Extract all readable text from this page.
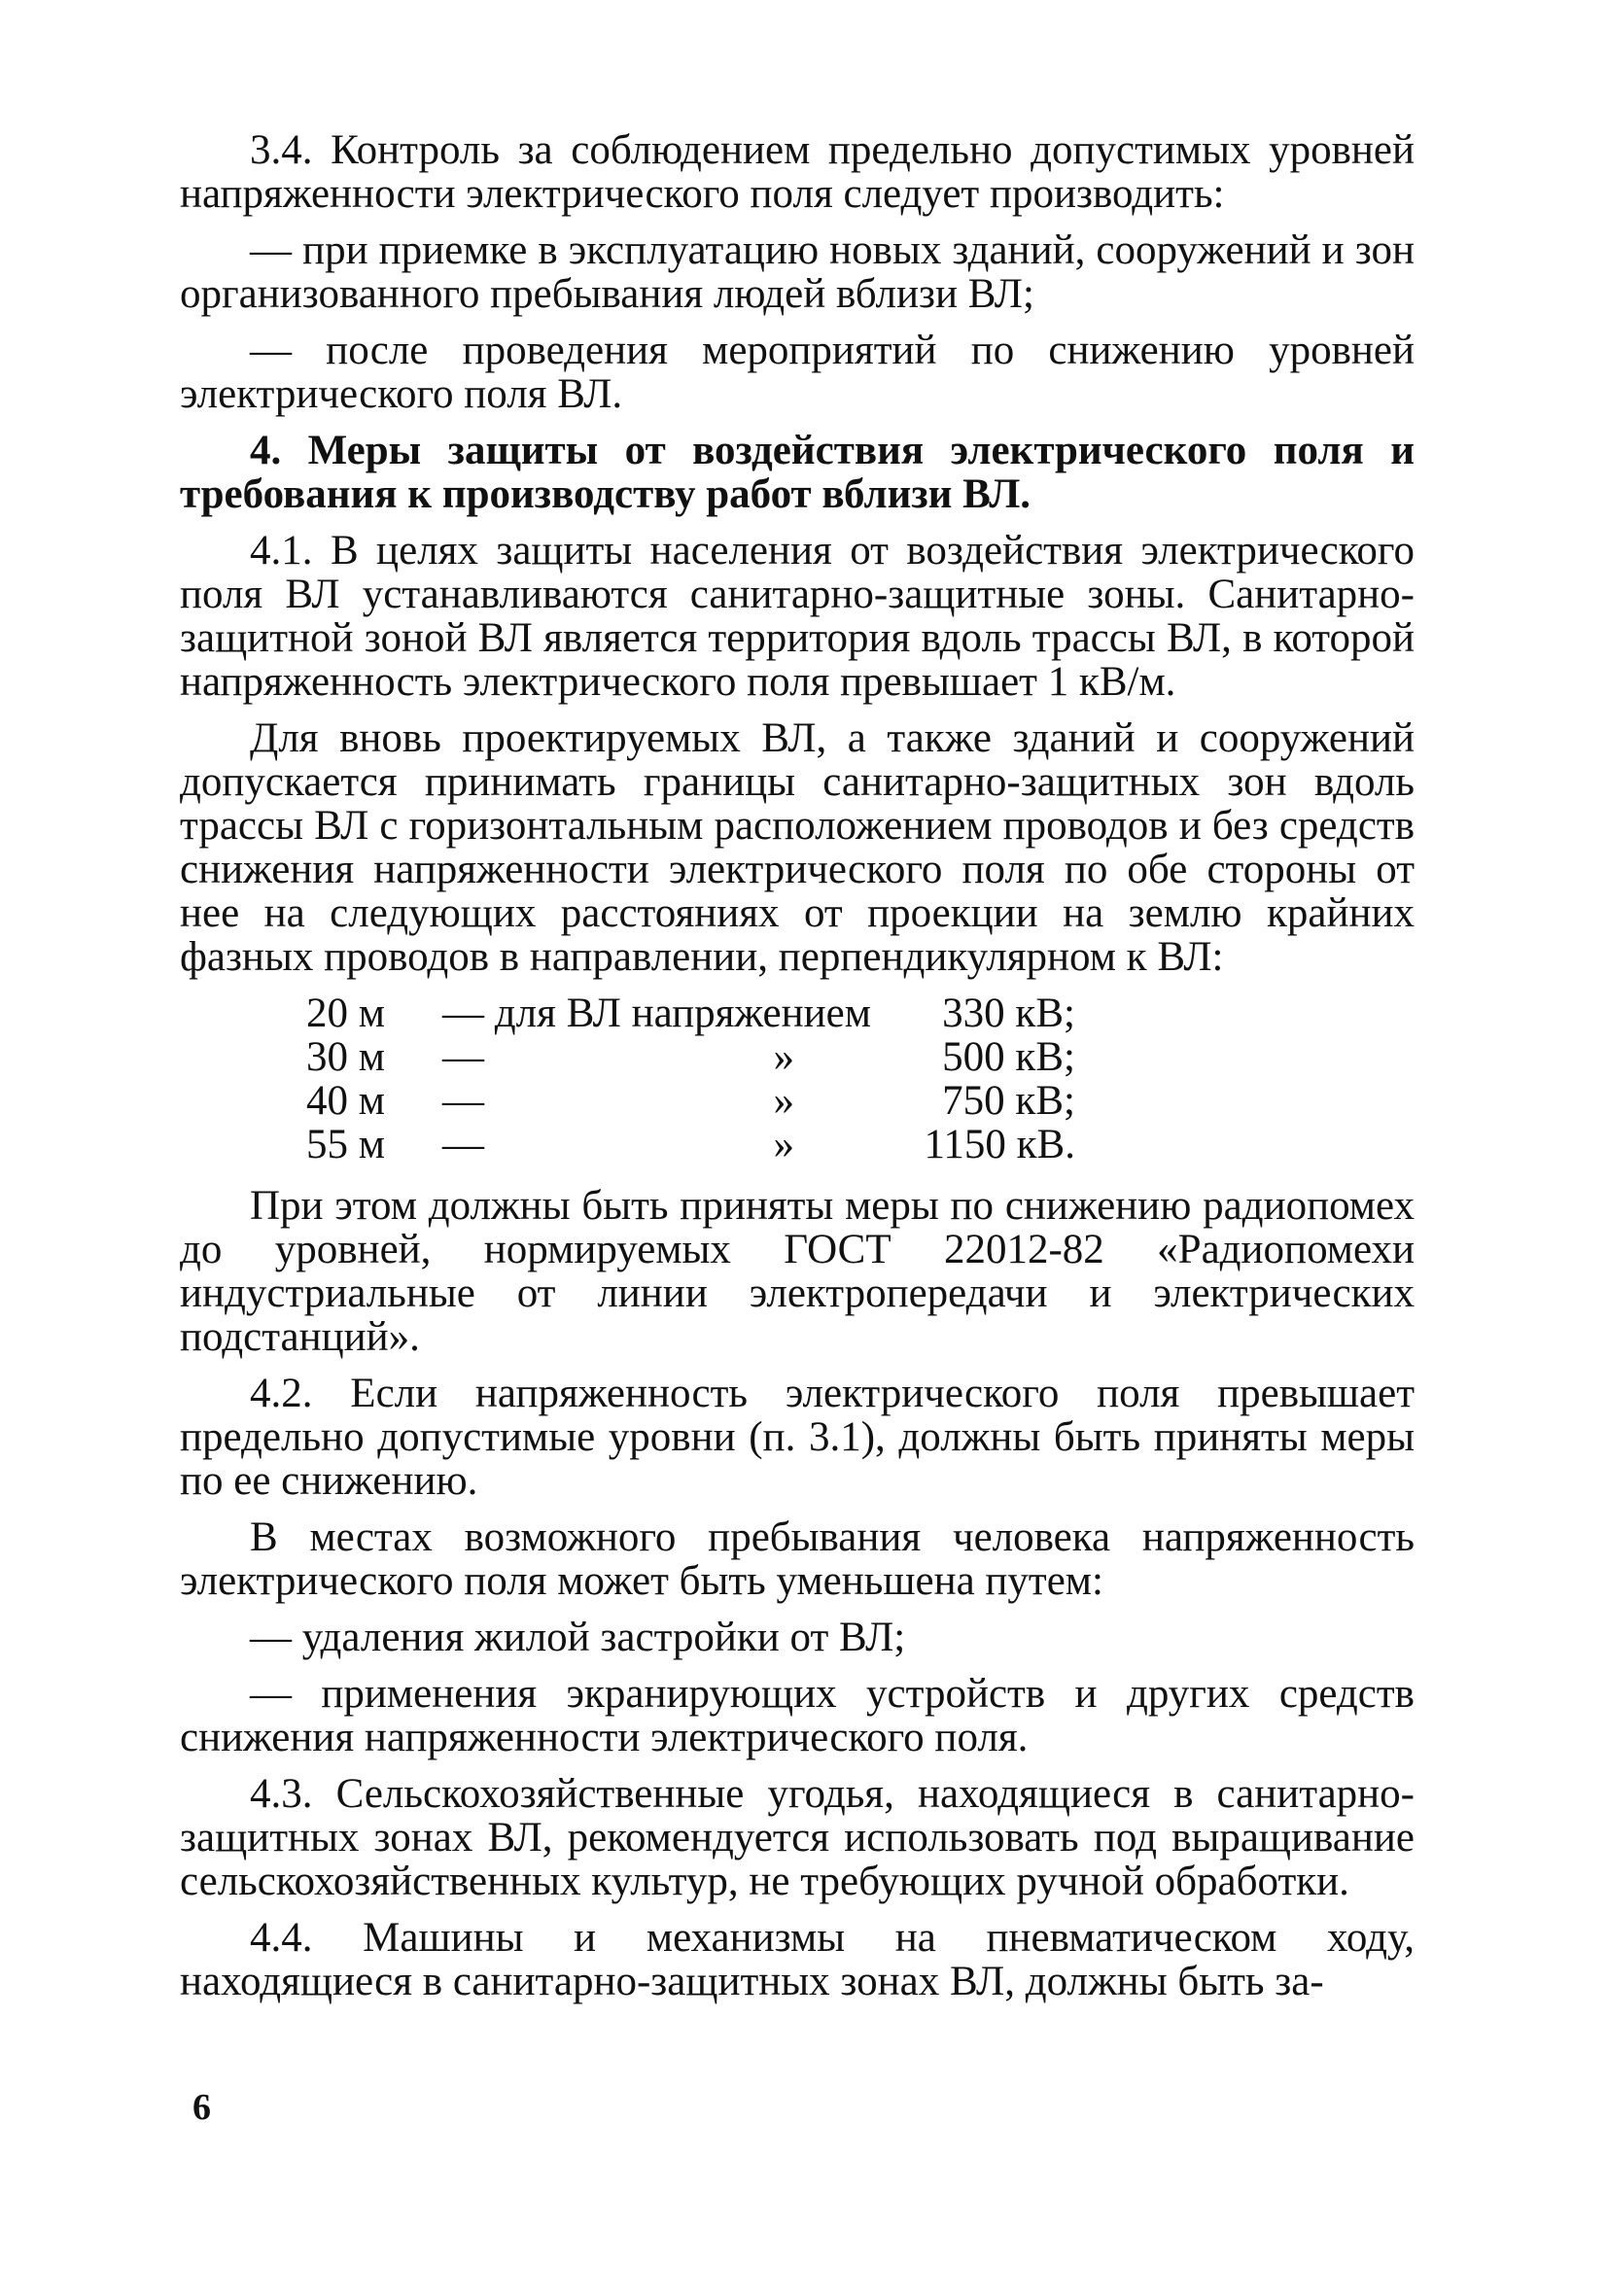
3.4. Контроль за соблюдением предельно допустимых уровней напряженности электрического поля следует производить:

— при приемке в эксплуатацию новых зданий, сооружений и зон организованного пребывания людей вблизи ВЛ;

— после проведения мероприятий по снижению уровней электрического поля ВЛ.

4. Меры защиты от воздействия электрического поля и требования к производству работ вблизи ВЛ.

4.1. В целях защиты населения от воздействия электрического поля ВЛ устанавливаются санитарно-защитные зоны. Санитарно-защитной зоной ВЛ является территория вдоль трассы ВЛ, в которой напряженность электрического поля превышает 1 кВ/м.

Для вновь проектируемых ВЛ, а также зданий и сооружений допускается принимать границы санитарно-защитных зон вдоль трассы ВЛ с горизонтальным расположением проводов и без средств снижения напряженности электрического поля по обе стороны от нее на следующих расстояниях от проекции на землю крайних фазных проводов в направлении, перпендикулярном к ВЛ:

20 м	— для ВЛ напряжением		330 кВ;
30 м	—	»	500 кВ;
40 м	—	»	750 кВ;
55 м	—	»	1150 кВ.

При этом должны быть приняты меры по снижению радиопомех до уровней, нормируемых ГОСТ 22012-82 «Радиопомехи индустриальные от линии электропередачи и электрических подстанций».

4.2. Если напряженность электрического поля превышает предельно допустимые уровни (п. 3.1), должны быть приняты меры по ее снижению.

В местах возможного пребывания человека напряженность электрического поля может быть уменьшена путем:

— удаления жилой застройки от ВЛ;

— применения экранирующих устройств и других средств снижения напряженности электрического поля.

4.3. Сельскохозяйственные угодья, находящиеся в санитарно-защитных зонах ВЛ, рекомендуется использовать под выращивание сельскохозяйственных культур, не требующих ручной обработки.

4.4. Машины и механизмы на пневматическом ходу, находящиеся в санитарно-защитных зонах ВЛ, должны быть за-

6
